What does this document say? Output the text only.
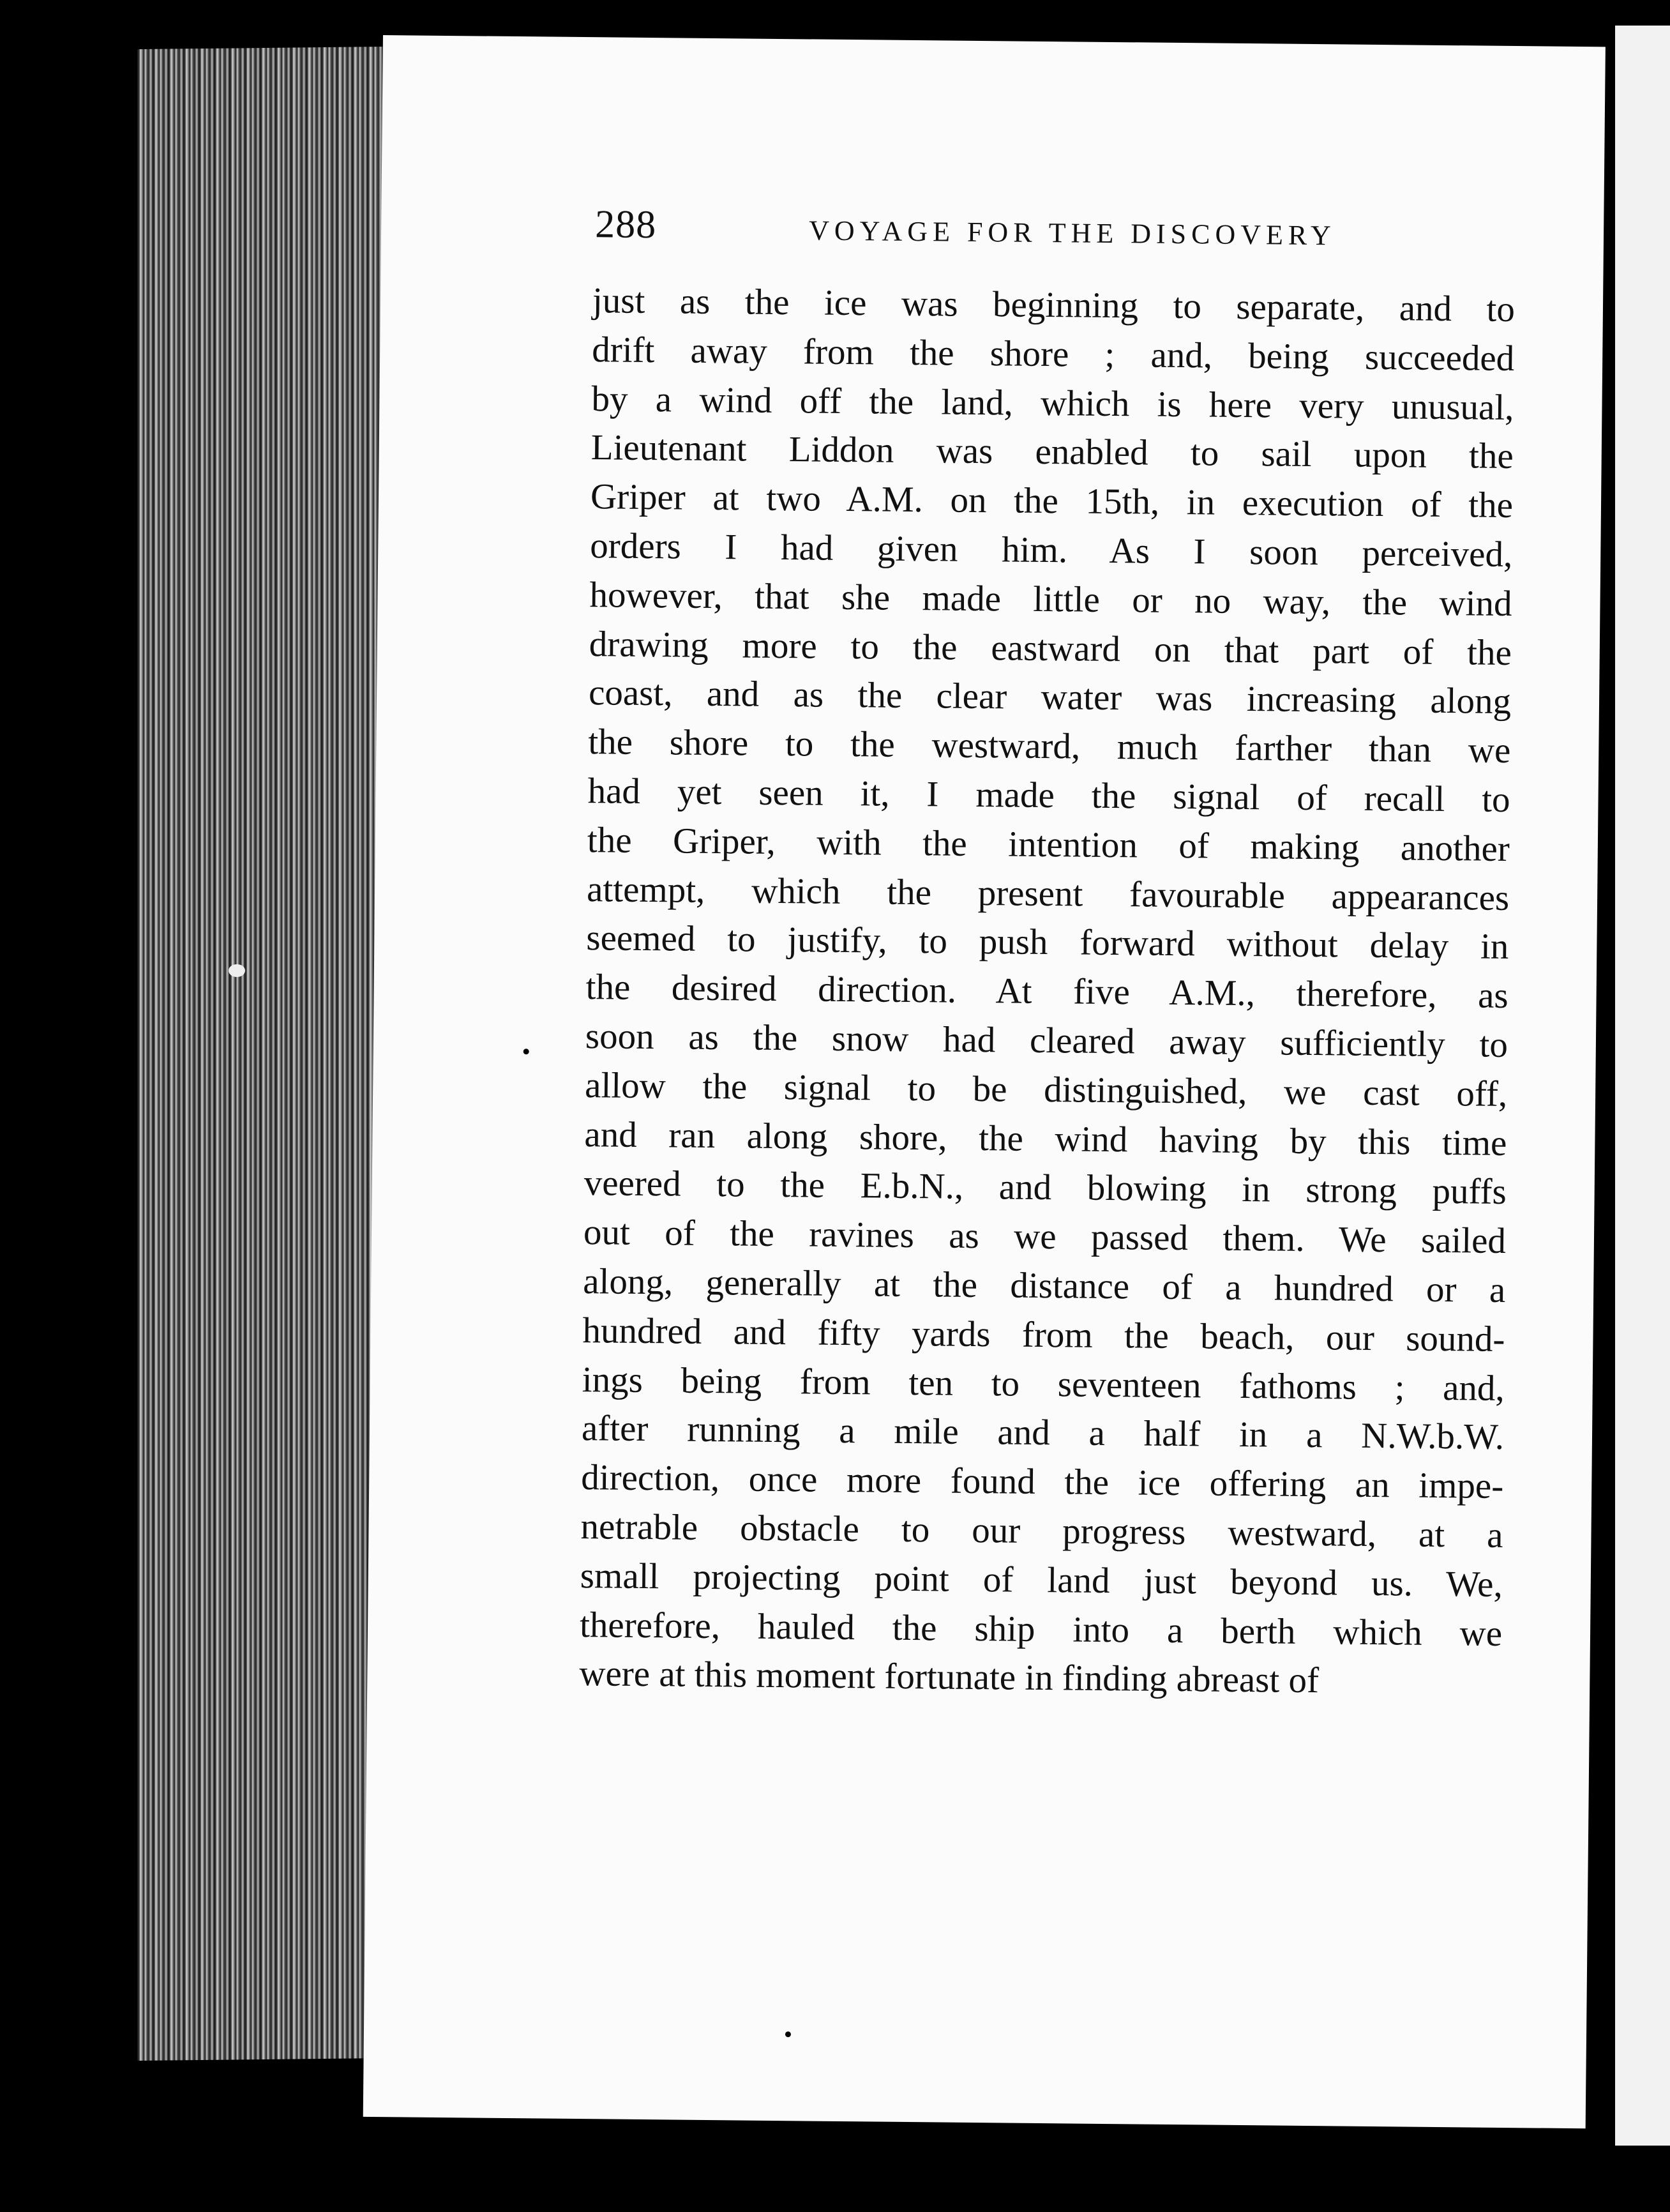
288	VOYAGE FOR THE DISCOVERY
just as the ice was beginning to separate, and to
drift away from the shore ; and, being succeeded
by a wind off the land, which is here very unusual,
Lieutenant Liddon was enabled to sail upon the
Griper at two A.M. on the 15th, in execution of the
orders I had given him. As I soon perceived,
however, that she made little or no way, the wind
drawing more to the eastward on that part of the
coast, and as the clear water was increasing along
the shore to the westward, much farther than we
had yet seen it, I made the signal of recall to
the Griper, with the intention of making another
attempt, which the present favourable appearances
seemed to justify, to push forward without delay in
the desired direction. At five A.M., therefore, as
soon as the snow had cleared away sufficiently to
allow the signal to be distinguished, we cast off,
and ran along shore, the wind having by this time
veered to the E.b.N., and blowing in strong puffs
out of the ravines as we passed them. We sailed
along, generally at the distance of a hundred or a
hundred and fifty yards from the beach, our sound-
ings being from ten to seventeen fathoms ; and,
after running a mile and a half in a N.W.b.W.
direction, once more found the ice offering an impe-
netrable obstacle to our progress westward, at a
small projecting point of land just beyond us. We,
therefore, hauled the ship into a berth which we
were at this moment fortunate in finding abreast of
